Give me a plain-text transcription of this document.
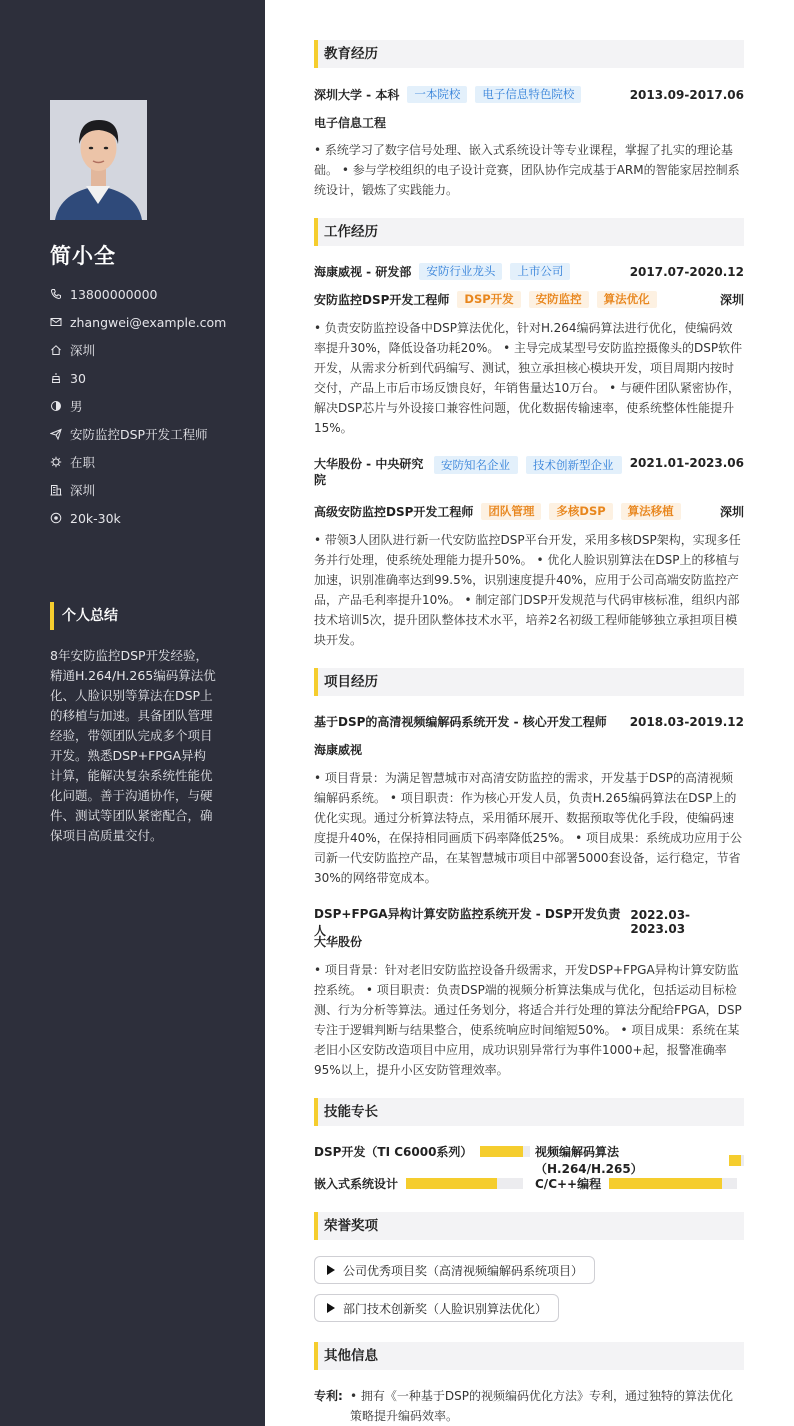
简小全
13800000000
zhangwei@example.com
深圳
30
男
安防监控DSP开发工程师
在职
深圳
20k-30k
个人总结
8年安防监控DSP开发经验，精通H.264/H.265编码算法优化、人脸识别等算法在DSP上的移植与加速。具备团队管理经验，带领团队完成多个项目开发。熟悉DSP+FPGA异构计算，能解决复杂系统性能优化问题。善于沟通协作，与硬件、测试等团队紧密配合，确保项目高质量交付。
教育经历
深圳大学 - 本科	一本院校	电子信息特色院校	2013.09-2017.06
电子信息工程
• 系统学习了数字信号处理、嵌入式系统设计等专业课程，掌握了扎实的理论基础。 • 参与学校组织的电子设计竞赛，团队协作完成基于ARM的智能家居控制系统设计，锻炼了实践能力。
工作经历
海康威视 - 研发部	安防行业龙头	上市公司	2017.07-2020.12
安防监控DSP开发工程师	DSP开发	安防监控	算法优化	深圳
• 负责安防监控设备中DSP算法优化，针对H.264编码算法进行优化，使编码效率提升30%，降低设备功耗20%。 • 主导完成某型号安防监控摄像头的DSP软件开发，从需求分析到代码编写、测试，独立承担核心模块开发，项目周期内按时交付，产品上市后市场反馈良好，年销售量达10万台。 • 与硬件团队紧密协作，解决DSP芯片与外设接口兼容性问题，优化数据传输速率，使系统整体性能提升15%。
大华股份 - 中央研究院
安防知名企业	技术创新型企业	2021.01-2023.06
高级安防监控DSP开发工程师	团队管理	多核DSP	算法移植	深圳
• 带领3人团队进行新一代安防监控DSP平台开发，采用多核DSP架构，实现多任务并行处理，使系统处理能力提升50%。 • 优化人脸识别算法在DSP上的移植与加速，识别准确率达到99.5%，识别速度提升40%，应用于公司高端安防监控产品，产品毛利率提升10%。 • 制定部门DSP开发规范与代码审核标准，组织内部技术培训5次，提升团队整体技术水平，培养2名初级工程师能够独立承担项目模块开发。
项目经历
基于DSP的高清视频编解码系统开发 - 核心开发工程师 2018.03-2019.12
海康威视
• 项目背景：为满足智慧城市对高清安防监控的需求，开发基于DSP的高清视频编解码系统。 • 项目职责：作为核心开发人员，负责H.265编码算法在DSP上的优化实现。通过分析算法特点，采用循环展开、数据预取等优化手段，使编码速度提升40%，在保持相同画质下码率降低25%。 • 项目成果：系统成功应用于公司新一代安防监控产品，在某智慧城市项目中部署5000套设备，运行稳定，节省30%的网络带宽成本。
DSP+FPGA异构计算安防监控系统开发 - DSP开发负责人
2022.03-2023.03
大华股份
• 项目背景：针对老旧安防监控设备升级需求，开发DSP+FPGA异构计算安防监控系统。 • 项目职责：负责DSP端的视频分析算法集成与优化，包括运动目标检测、行为分析等算法。通过任务划分，将适合并行处理的算法分配给FPGA，DSP专注于逻辑判断与结果整合，使系统响应时间缩短50%。 • 项目成果：系统在某老旧小区安防改造项目中应用，成功识别异常行为事件1000+起，报警准确率95%以上，提升小区安防管理效率。
技能专长
DSP开发（TI C6000系列）	视频编解码算法（H.264/H.265）
嵌入式系统设计	C/C++编程
荣誉奖项
公司优秀项目奖（高清视频编解码系统项目）
部门技术创新奖（人脸识别算法优化）
其他信息
专利: • 拥有《一种基于DSP的视频编码优化方法》专利，通过独特的算法优化策略提升编码效率。
